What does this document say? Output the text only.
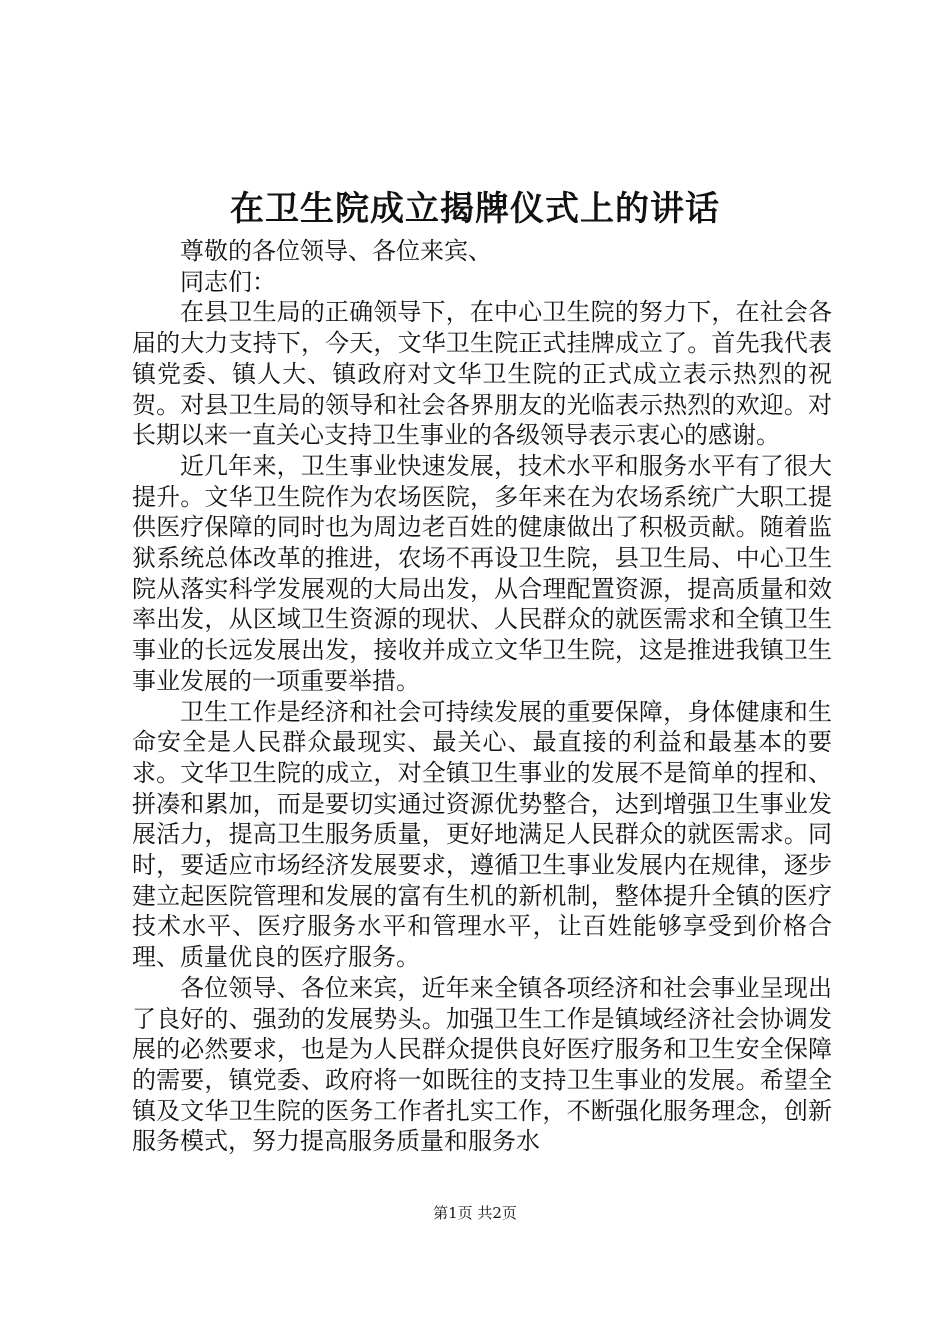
在卫生院成立揭牌仪式上的讲话

尊敬的各位领导、各位来宾、

同志们：

在县卫生局的正确领导下，在中心卫生院的努力下，在社会各届的大力支持下，今天，文华卫生院正式挂牌成立了。首先我代表镇党委、镇人大、镇政府对文华卫生院的正式成立表示热烈的祝贺。对县卫生局的领导和社会各界朋友的光临表示热烈的欢迎。对长期以来一直关心支持卫生事业的各级领导表示衷心的感谢。

近几年来，卫生事业快速发展，技术水平和服务水平有了很大提升。文华卫生院作为农场医院，多年来在为农场系统广大职工提供医疗保障的同时也为周边老百姓的健康做出了积极贡献。随着监狱系统总体改革的推进，农场不再设卫生院，县卫生局、中心卫生院从落实科学发展观的大局出发，从合理配置资源，提高质量和效率出发，从区域卫生资源的现状、人民群众的就医需求和全镇卫生事业的长远发展出发，接收并成立文华卫生院，这是推进我镇卫生事业发展的一项重要举措。

卫生工作是经济和社会可持续发展的重要保障，身体健康和生命安全是人民群众最现实、最关心、最直接的利益和最基本的要求。文华卫生院的成立，对全镇卫生事业的发展不是简单的捏和、拼凑和累加，而是要切实通过资源优势整合，达到增强卫生事业发展活力，提高卫生服务质量，更好地满足人民群众的就医需求。同时，要适应市场经济发展要求，遵循卫生事业发展内在规律，逐步建立起医院管理和发展的富有生机的新机制，整体提升全镇的医疗技术水平、医疗服务水平和管理水平，让百姓能够享受到价格合理、质量优良的医疗服务。

各位领导、各位来宾，近年来全镇各项经济和社会事业呈现出了良好的、强劲的发展势头。加强卫生工作是镇域经济社会协调发展的必然要求，也是为人民群众提供良好医疗服务和卫生安全保障的需要，镇党委、政府将一如既往的支持卫生事业的发展。希望全镇及文华卫生院的医务工作者扎实工作，不断强化服务理念，创新服务模式，努力提高服务质量和服务水

第1页 共2页
